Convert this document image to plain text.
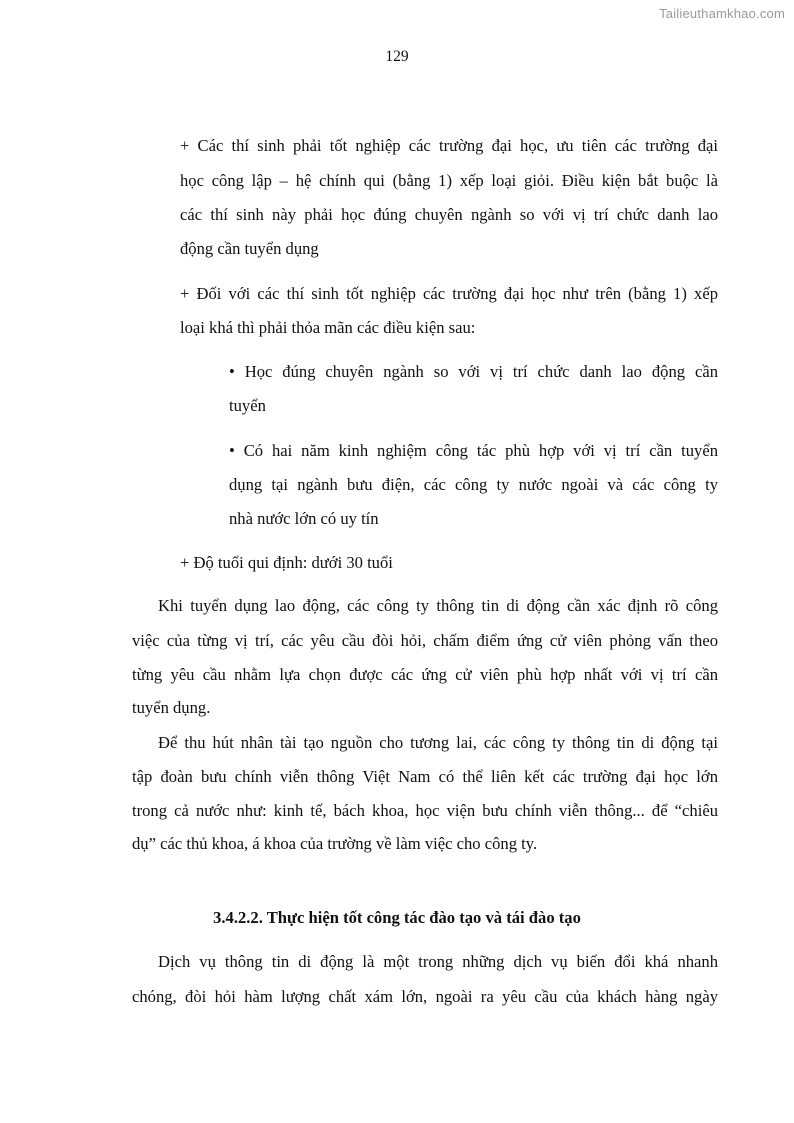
Tailieuthamkhao.com
129
+ Các thí sinh phải tốt nghiệp các trường đại học, ưu tiên các trường đại
học công lập – hệ chính qui (bằng 1) xếp loại giỏi. Điều kiện bắt buộc là
các thí sinh này phải học đúng chuyên ngành so với vị trí chức danh lao
động cần tuyển dụng
+ Đối với các thí sinh tốt nghiệp các trường đại học như trên (bằng 1) xếp
loại khá thì phải thỏa mãn các điều kiện sau:
• Học đúng chuyên ngành so với vị trí chức danh lao động cần
tuyển
• Có hai năm kinh nghiệm công tác phù hợp với vị trí cần tuyển
dụng tại ngành bưu điện, các công ty nước ngoài và các công ty
nhà nước lớn có uy tín
+ Độ tuổi qui định: dưới 30 tuổi
Khi tuyển dụng lao động, các công ty thông tin di động cần xác định rõ công
việc của từng vị trí, các yêu cầu đòi hỏi, chấm điểm ứng cử viên phỏng vấn theo
từng yêu cầu nhằm lựa chọn được các ứng cử viên phù hợp nhất với vị trí cần
tuyển dụng.
Để thu hút nhân tài tạo nguồn cho tương lai, các công ty thông tin di động tại
tập đoàn bưu chính viễn thông Việt Nam có thể liên kết các trường đại học lớn
trong cả nước như: kinh tế, bách khoa, học viện bưu chính viễn thông... để “chiêu
dụ” các thủ khoa, á khoa của trường về làm việc cho công ty.
3.4.2.2. Thực hiện tốt công tác đào tạo và tái đào tạo
Dịch vụ thông tin di động là một trong những dịch vụ biến đổi khá nhanh
chóng, đòi hỏi hàm lượng chất xám lớn, ngoài ra yêu cầu của khách hàng ngày
